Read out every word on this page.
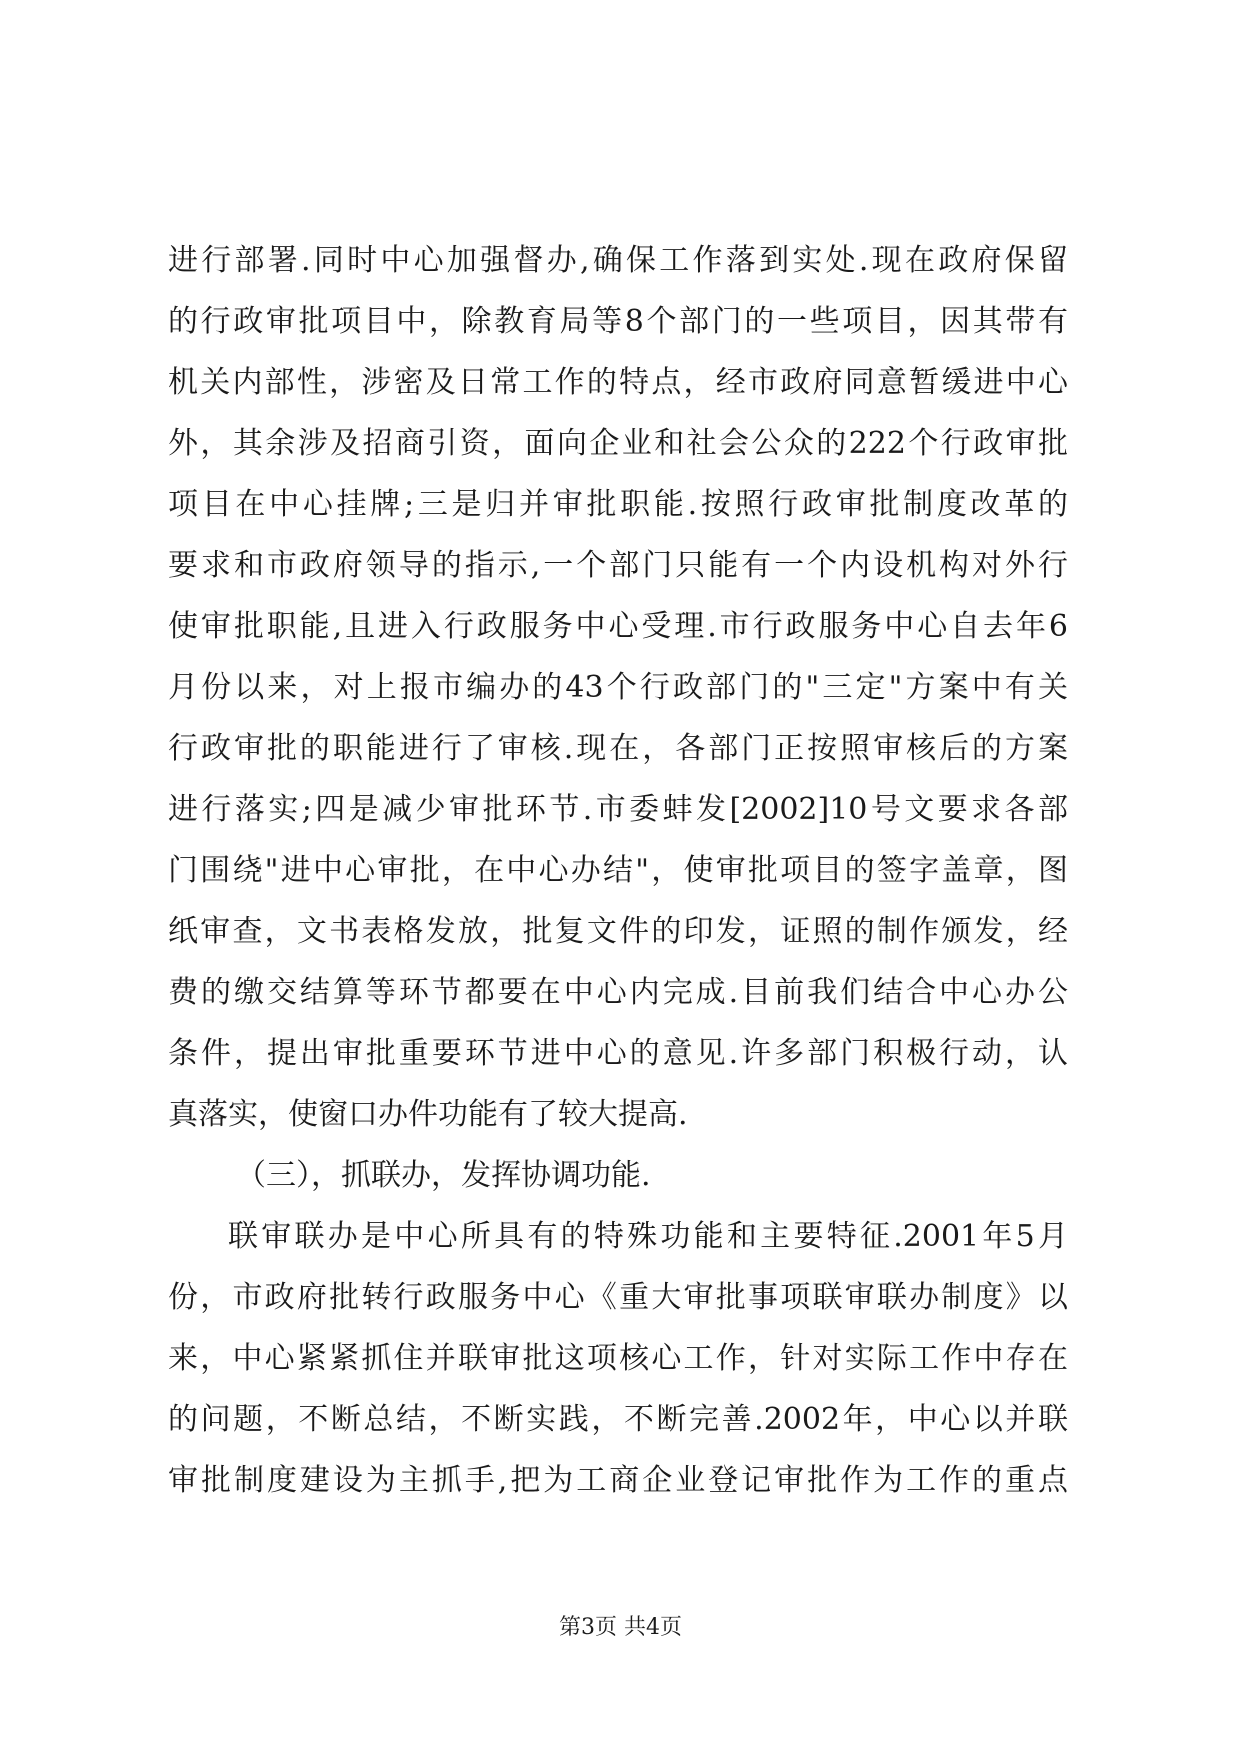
进行部署.同时中心加强督办,确保工作落到实处.现在政府保留
的行政审批项目中，除教育局等8个部门的一些项目，因其带有
机关内部性，涉密及日常工作的特点，经市政府同意暂缓进中心
外，其余涉及招商引资，面向企业和社会公众的222个行政审批
项目在中心挂牌;三是归并审批职能.按照行政审批制度改革的
要求和市政府领导的指示,一个部门只能有一个内设机构对外行
使审批职能,且进入行政服务中心受理.市行政服务中心自去年6
月份以来，对上报市编办的43个行政部门的"三定"方案中有关
行政审批的职能进行了审核.现在，各部门正按照审核后的方案
进行落实;四是减少审批环节.市委蚌发[2002]10号文要求各部
门围绕"进中心审批，在中心办结"，使审批项目的签字盖章，图
纸审查，文书表格发放，批复文件的印发，证照的制作颁发，经
费的缴交结算等环节都要在中心内完成.目前我们结合中心办公
条件，提出审批重要环节进中心的意见.许多部门积极行动，认
真落实，使窗口办件功能有了较大提高.
（三），抓联办，发挥协调功能.
联审联办是中心所具有的特殊功能和主要特征.2001年5月
份，市政府批转行政服务中心《重大审批事项联审联办制度》以
来，中心紧紧抓住并联审批这项核心工作，针对实际工作中存在
的问题，不断总结，不断实践，不断完善.2002年，中心以并联
审批制度建设为主抓手,把为工商企业登记审批作为工作的重点
第3页 共4页
